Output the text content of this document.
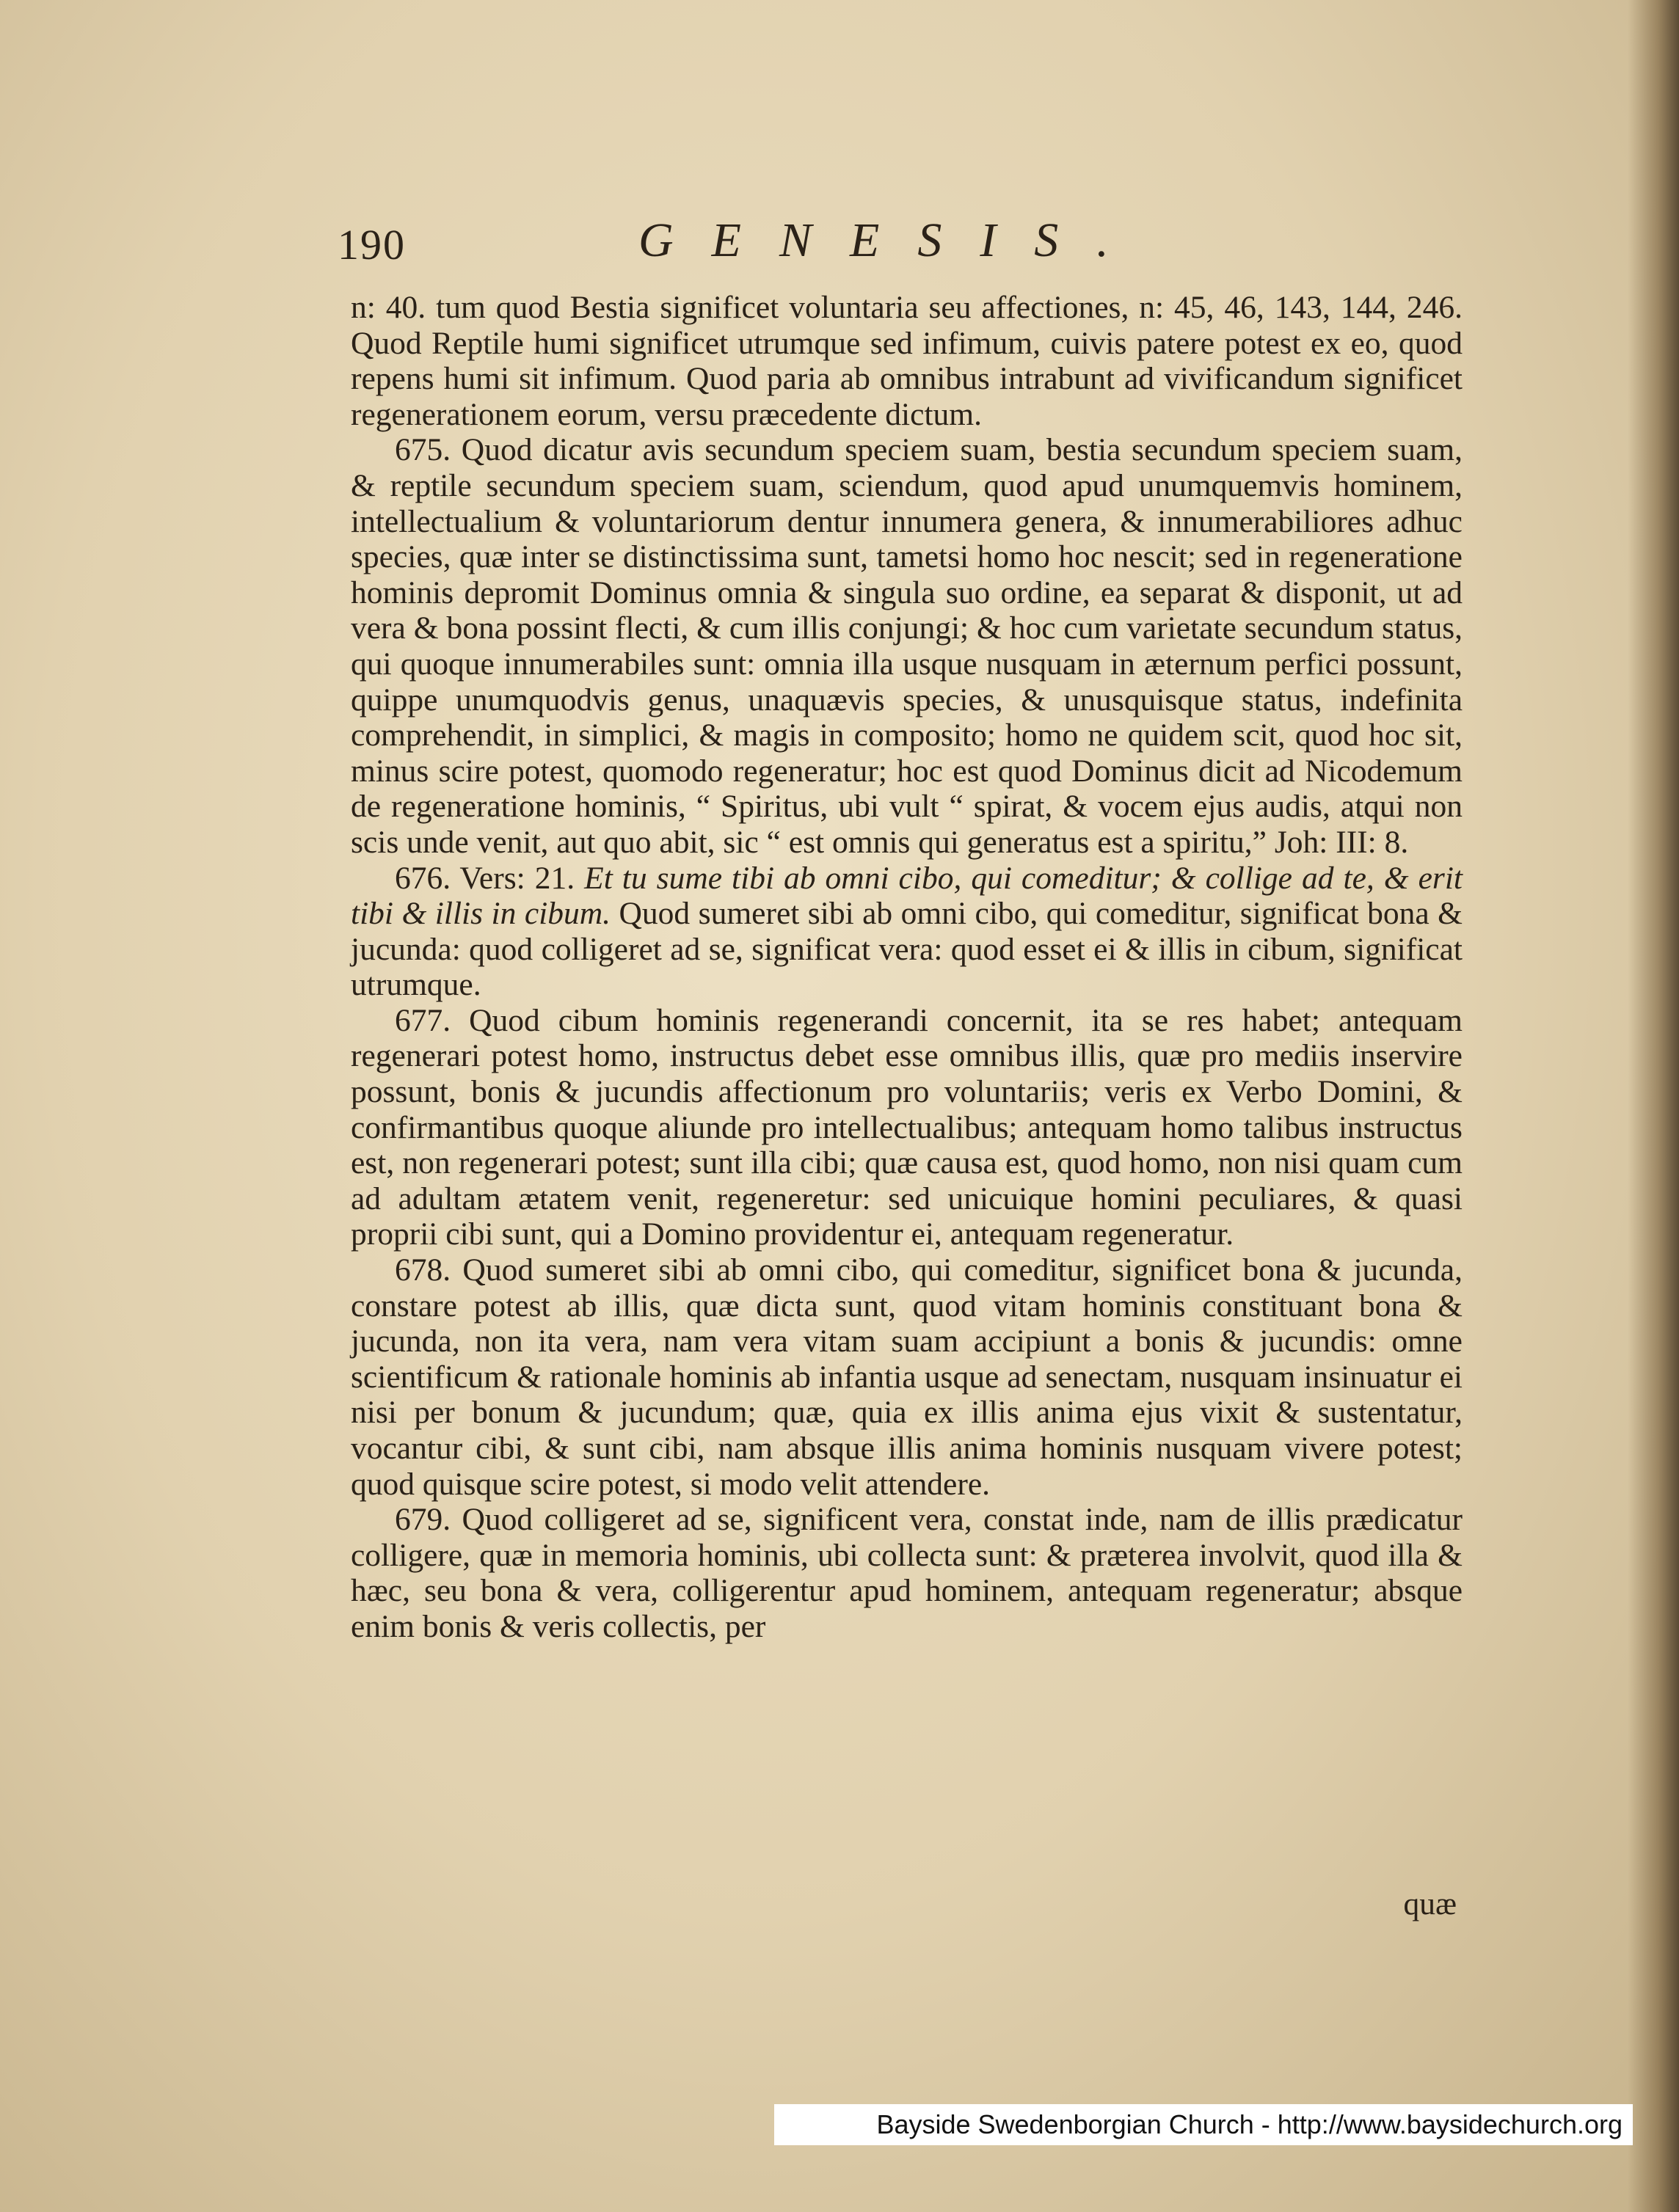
190	GENESIS.

n: 40. tum quod Bestia significet voluntaria seu affectiones, n: 45, 46, 143, 144, 246. Quod Reptile humi significet utrumque sed infimum, cuivis patere potest ex eo, quod repens humi sit infimum. Quod paria ab omnibus intrabunt ad vivificandum significet regenerationem eorum, versu præcedente dictum.

675. Quod dicatur avis secundum speciem suam, bestia secundum speciem suam, & reptile secundum speciem suam, sciendum, quod apud unumquemvis hominem, intellectualium & voluntariorum dentur innumera genera, & innumerabiliores adhuc species, quæ inter se distinctissima sunt, tametsi homo hoc nescit; sed in regeneratione hominis depromit Dominus omnia & singula suo ordine, ea separat & disponit, ut ad vera & bona possint flecti, & cum illis conjungi; & hoc cum varietate secundum status, qui quoque innumerabiles sunt: omnia illa usque nusquam in æternum perfici possunt, quippe unumquodvis genus, unaquævis species, & unusquisque status, indefinita comprehendit, in simplici, & magis in composito; homo ne quidem scit, quod hoc sit, minus scire potest, quomodo regeneratur; hoc est quod Dominus dicit ad Nicodemum de regeneratione hominis, “ Spiritus, ubi vult “ spirat, & vocem ejus audis, atqui non scis unde venit, aut quo abit, sic “ est omnis qui generatus est a spiritu,” Joh: III: 8.

676. Vers: 21. Et tu sume tibi ab omni cibo, qui comeditur; & collige ad te, & erit tibi & illis in cibum. Quod sumeret sibi ab omni cibo, qui comeditur, significat bona & jucunda: quod colligeret ad se, significat vera: quod esset ei & illis in cibum, significat utrumque.

677. Quod cibum hominis regenerandi concernit, ita se res habet; antequam regenerari potest homo, instructus debet esse omnibus illis, quæ pro mediis inservire possunt, bonis & jucundis affectionum pro voluntariis; veris ex Verbo Domini, & confirmantibus quoque aliunde pro intellectualibus; antequam homo talibus instructus est, non regenerari potest; sunt illa cibi; quæ causa est, quod homo, non nisi quam cum ad adultam ætatem venit, regeneretur: sed unicuique homini peculiares, & quasi proprii cibi sunt, qui a Domino providentur ei, antequam regeneratur.

678. Quod sumeret sibi ab omni cibo, qui comeditur, significet bona & jucunda, constare potest ab illis, quæ dicta sunt, quod vitam hominis constituant bona & jucunda, non ita vera, nam vera vitam suam accipiunt a bonis & jucundis: omne scientificum & rationale hominis ab infantia usque ad senectam, nusquam insinuatur ei nisi per bonum & jucundum; quæ, quia ex illis anima ejus vixit & sustentatur, vocantur cibi, & sunt cibi, nam absque illis anima hominis nusquam vivere potest; quod quisque scire potest, si modo velit attendere.

679. Quod colligeret ad se, significent vera, constat inde, nam de illis prædicatur colligere, quæ in memoria hominis, ubi collecta sunt: & præterea involvit, quod illa & hæc, seu bona & vera, colligerentur apud hominem, antequam regeneratur; absque enim bonis & veris collectis, per

quæ
Bayside Swedenborgian Church - http://www.baysidechurch.org
